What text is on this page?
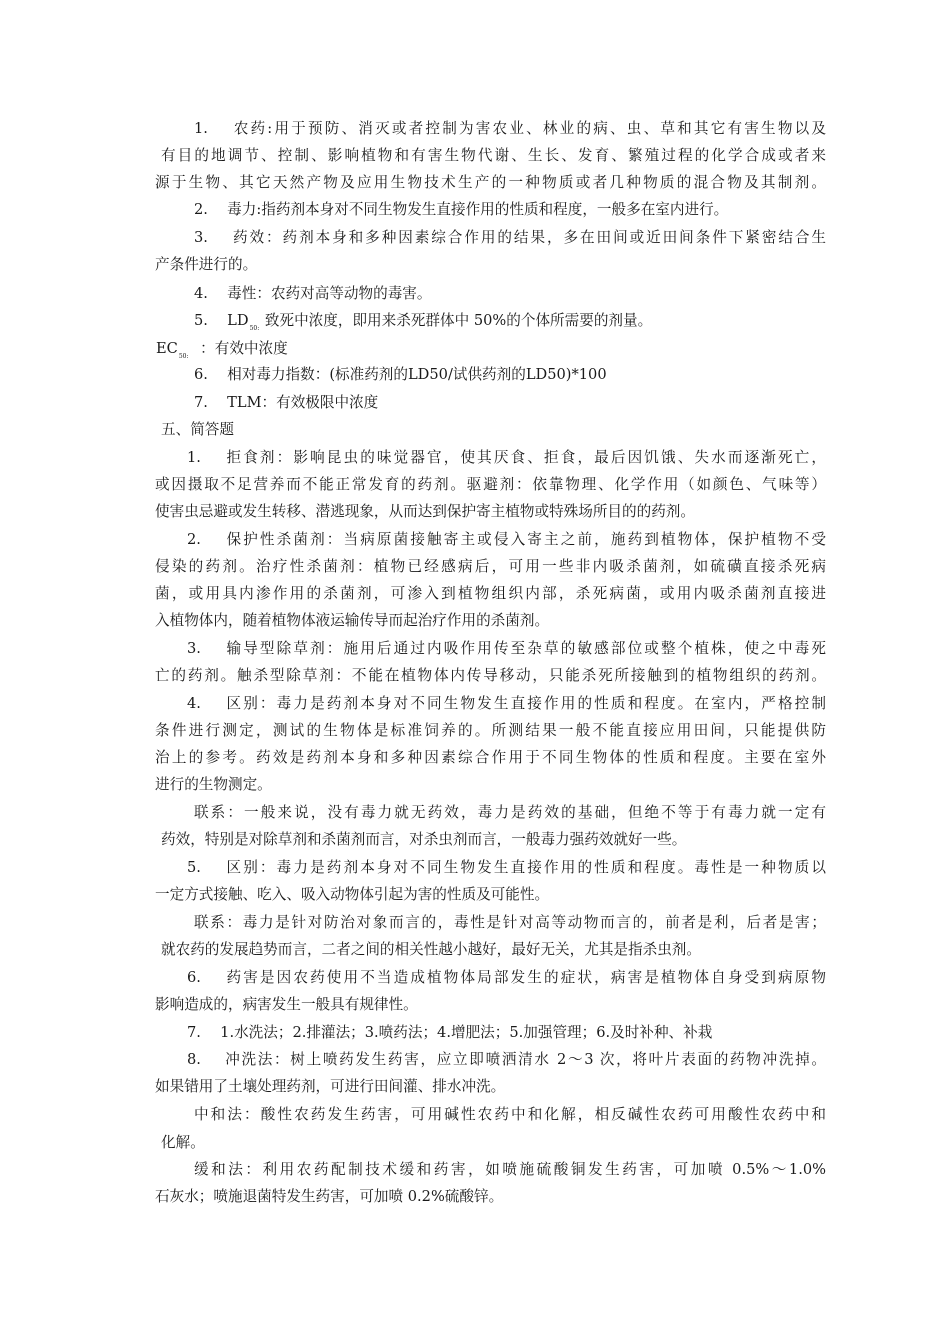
1.　 农药:用于预防、消灭或者控制为害农业、林业的病、虫、草和其它有害生物以及
有目的地调节、控制、影响植物和有害生物代谢、生长、发育、繁殖过程的化学合成或者来
源于生物、其它天然产物及应用生物技术生产的一种物质或者几种物质的混合物及其制剂。
2.　 毒力:指药剂本身对不同生物发生直接作用的性质和程度，一般多在室内进行。
3.　 药效：药剂本身和多种因素综合作用的结果，多在田间或近田间条件下紧密结合生
产条件进行的。
4.　 毒性：农药对高等动物的毒害。
6.　 相对毒力指数：(标准药剂的LD50/试供药剂的LD50)*100
7.　 TLM：有效极限中浓度
五、简答题
1.　 拒食剂：影响昆虫的味觉器官，使其厌食、拒食，最后因饥饿、失水而逐渐死亡，
或因摄取不足营养而不能正常发育的药剂。驱避剂：依靠物理、化学作用（如颜色、气味等）
使害虫忌避或发生转移、潜逃现象，从而达到保护寄主植物或特殊场所目的的药剂。
2.　 保护性杀菌剂：当病原菌接触寄主或侵入寄主之前，施药到植物体，保护植物不受
侵染的药剂。治疗性杀菌剂：植物已经感病后，可用一些非内吸杀菌剂，如硫磺直接杀死病
菌，或用具内渗作用的杀菌剂，可渗入到植物组织内部，杀死病菌，或用内吸杀菌剂直接进
入植物体内，随着植物体液运输传导而起治疗作用的杀菌剂。
3.　 输导型除草剂：施用后通过内吸作用传至杂草的敏感部位或整个植株，使之中毒死
亡的药剂。触杀型除草剂：不能在植物体内传导移动，只能杀死所接触到的植物组织的药剂。
4.　 区别：毒力是药剂本身对不同生物发生直接作用的性质和程度。在室内，严格控制
条件进行测定，测试的生物体是标准饲养的。所测结果一般不能直接应用田间，只能提供防
治上的参考。药效是药剂本身和多种因素综合作用于不同生物体的性质和程度。主要在室外
进行的生物测定。
联系：一般来说，没有毒力就无药效，毒力是药效的基础，但绝不等于有毒力就一定有
药效，特别是对除草剂和杀菌剂而言，对杀虫剂而言，一般毒力强药效就好一些。
5.　 区别：毒力是药剂本身对不同生物发生直接作用的性质和程度。毒性是一种物质以
一定方式接触、吃入、吸入动物体引起为害的性质及可能性。
联系：毒力是针对防治对象而言的，毒性是针对高等动物而言的，前者是利，后者是害；
就农药的发展趋势而言，二者之间的相关性越小越好，最好无关，尤其是指杀虫剂。
6.　 药害是因农药使用不当造成植物体局部发生的症状，病害是植物体自身受到病原物
影响造成的，病害发生一般具有规律性。
7.　 1.水洗法；2.排灌法；3.喷药法；4.增肥法；5.加强管理；6.及时补种、补栽
8.　 冲洗法：树上喷药发生药害，应立即喷洒清水 2～3 次，将叶片表面的药物冲洗掉。
如果错用了土壤处理药剂，可进行田间灌、排水冲洗。
中和法：酸性农药发生药害，可用碱性农药中和化解，相反碱性农药可用酸性农药中和
化解。
缓和法：利用农药配制技术缓和药害，如喷施硫酸铜发生药害，可加喷 0.5%～1.0%
石灰水；喷施退菌特发生药害，可加喷 0.2%硫酸锌。
5.　 $LD_{50:}$ 致死中浓度，即用来杀死群体中 50%的个体所需要的剂量。
$EC_{50:}$ ：有效中浓度
